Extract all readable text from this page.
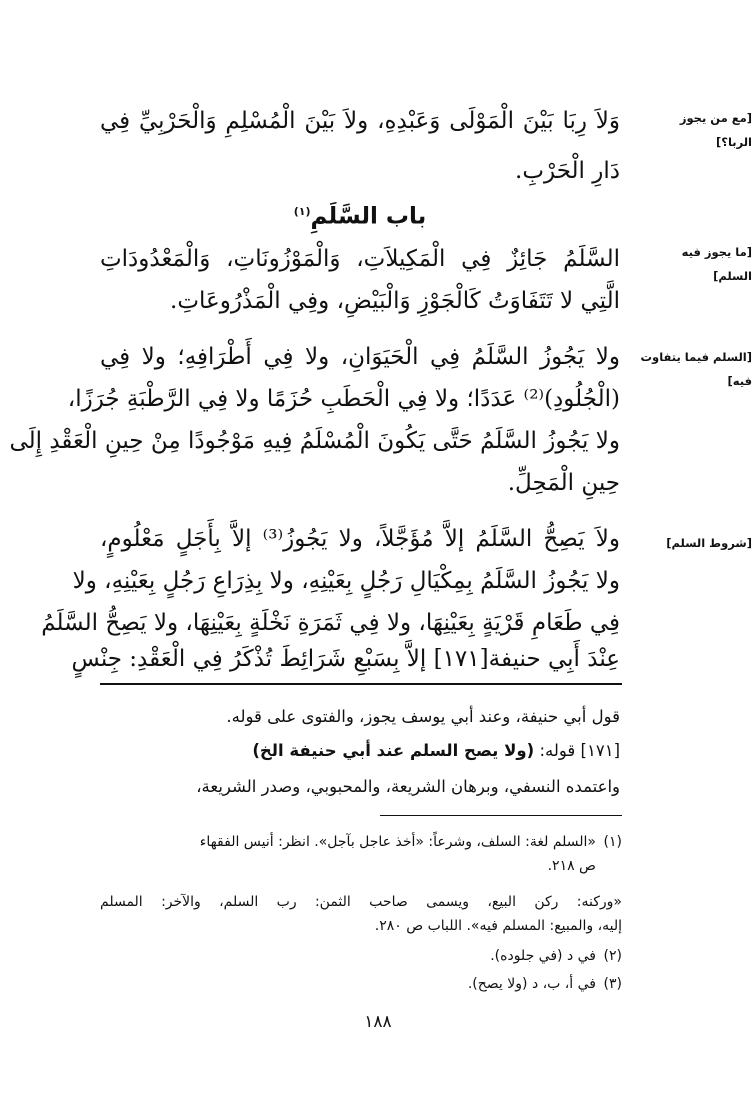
[مع من يجوز الربا؟]
[ما يجوز فيه السلم]
[السلم فيما يتفاوت فيه]
[شروط السلم]
وَلاَ رِبَا بَيْنَ الْمَوْلَى وَعَبْدِهِ، ولاَ بَيْنَ الْمُسْلِمِ وَالْحَرْبِيِّ فِي
دَارِ الْحَرْبِ.
باب السَّلَمِ$^{(١)}$
السَّلَمُ جَائِزٌ فِي الْمَكِيلاَتِ، وَالْمَوْزُونَاتِ، وَالْمَعْدُودَاتِ
الَّتِي لا تَتَفَاوَتُ كَالْجَوْزِ وَالْبَيْضِ، وفِي الْمَذْرُوعَاتِ.
ولا يَجُوزُ السَّلَمُ فِي الْحَيَوَانِ، ولا فِي أَطْرَافِهِ؛ ولا فِي
(الْجُلُودِ)⁽²⁾ عَدَدًا؛ ولا فِي الْحَطَبِ حُزَمًا ولا فِي الرَّطْبَةِ جُرَزًا،
ولا يَجُوزُ السَّلَمُ حَتَّى يَكُونَ الْمُسْلَمُ فِيهِ مَوْجُودًا مِنْ حِينِ الْعَقْدِ إِلَى
حِينِ الْمَحِلِّ.
ولاَ يَصِحُّ السَّلَمُ إلاَّ مُؤَجَّلاً، ولا يَجُوزُ⁽³⁾ إلاَّ بِأَجَلٍ مَعْلُومٍ،
ولا يَجُوزُ السَّلَمُ بِمِكْيَالِ رَجُلٍ بِعَيْنِهِ، ولا بِذِرَاعِ رَجُلٍ بِعَيْنِهِ، ولا
فِي طَعَامِ قَرْيَةٍ بِعَيْنِهَا، ولا فِي ثَمَرَةِ نَخْلَةٍ بِعَيْنِهَا، ولا يَصِحُّ السَّلَمُ
عِنْدَ أَبِي حنيفة[١٧١] إلاَّ بِسَبْعِ شَرَائِطَ تُذْكَرُ فِي الْعَقْدِ: جِنْسٍ
قول أبي حنيفة، وعند أبي يوسف يجوز، والفتوى على قوله.
[١٧١] قوله: (ولا يصح السلم عند أبي حنيفة الخ)
واعتمده النسفي، وبرهان الشريعة، والمحبوبي، وصدر الشريعة،
(١)«السلم لغة: السلف، وشرعاً: «أخذ عاجل بآجل». انظر: أنيس الفقهاء
ص ٢١٨.
«وركنه: ركن البيع، ويسمى صاحب الثمن: رب السلم، والآخر: المسلم
إليه، والمبيع: المسلم فيه». اللباب ص ٢٨٠.
(٢)في د (في جلوده).
(٣)في أ، ب، د (ولا يصح).
١٨٨
